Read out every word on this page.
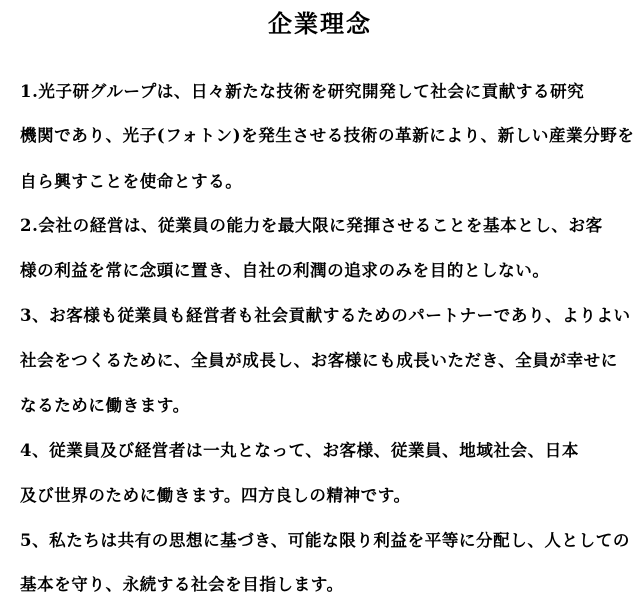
企業理念
1.光子研グループは、日々新たな技術を研究開発して社会に貢献する研究
機関であり、光子(フォトン)を発生させる技術の革新により、新しい産業分野を
自ら興すことを使命とする。
2.会社の経営は、従業員の能力を最大限に発揮させることを基本とし、お客
様の利益を常に念頭に置き、自社の利潤の追求のみを目的としない。
3、お客様も従業員も経営者も社会貢献するためのパートナーであり、よりよい
社会をつくるために、全員が成長し、お客様にも成長いただき、全員が幸せに
なるために働きます。
4、従業員及び経営者は一丸となって、お客様、従業員、地域社会、日本
及び世界のために働きます。四方良しの精神です。
5、私たちは共有の思想に基づき、可能な限り利益を平等に分配し、人としての
基本を守り、永続する社会を目指します。
